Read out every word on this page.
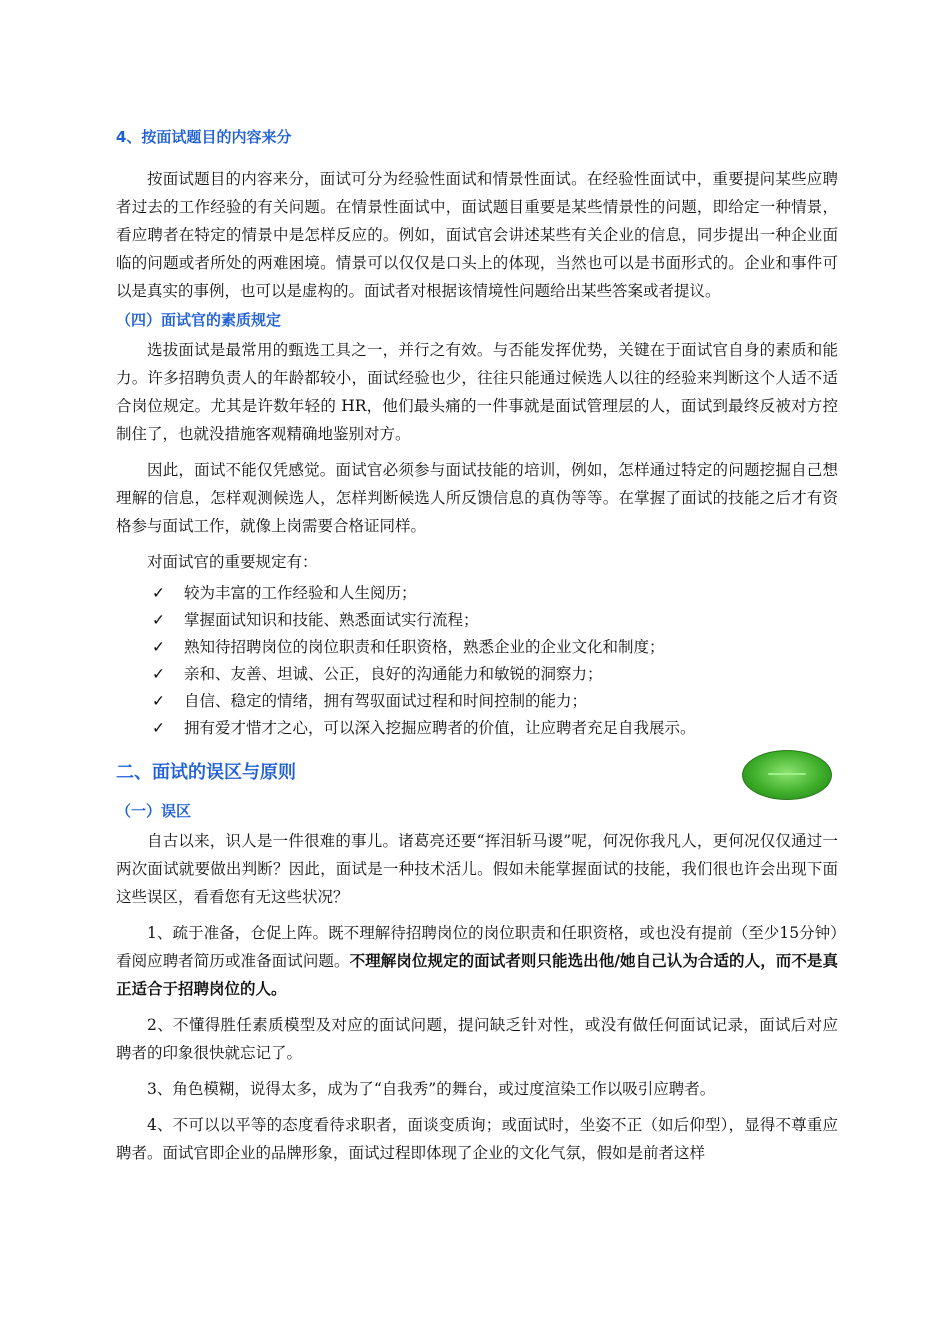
4、按面试题目的内容来分

按面试题目的内容来分，面试可分为经验性面试和情景性面试。在经验性面试中，重要提问某些应聘者过去的工作经验的有关问题。在情景性面试中，面试题目重要是某些情景性的问题，即给定一种情景，看应聘者在特定的情景中是怎样反应的。例如，面试官会讲述某些有关企业的信息，同步提出一种企业面临的问题或者所处的两难困境。情景可以仅仅是口头上的体现，当然也可以是书面形式的。企业和事件可以是真实的事例，也可以是虚构的。面试者对根据该情境性问题给出某些答案或者提议。

（四）面试官的素质规定

选拔面试是最常用的甄选工具之一，并行之有效。与否能发挥优势，关键在于面试官自身的素质和能力。许多招聘负责人的年龄都较小，面试经验也少，往往只能通过候选人以往的经验来判断这个人适不适合岗位规定。尤其是许数年轻的 HR，他们最头痛的一件事就是面试管理层的人，面试到最终反被对方控制住了，也就没措施客观精确地鉴别对方。

因此，面试不能仅凭感觉。面试官必须参与面试技能的培训，例如，怎样通过特定的问题挖掘自己想理解的信息，怎样观测候选人，怎样判断候选人所反馈信息的真伪等等。在掌握了面试的技能之后才有资格参与面试工作，就像上岗需要合格证同样。

对面试官的重要规定有：

✓	较为丰富的工作经验和人生阅历；
✓	掌握面试知识和技能、熟悉面试实行流程；
✓	熟知待招聘岗位的岗位职责和任职资格，熟悉企业的企业文化和制度；
✓	亲和、友善、坦诚、公正，良好的沟通能力和敏锐的洞察力；
✓	自信、稳定的情绪，拥有驾驭面试过程和时间控制的能力；
✓	拥有爱才惜才之心，可以深入挖掘应聘者的价值，让应聘者充足自我展示。
二、面试的误区与原则
（一）误区

自古以来，识人是一件很难的事儿。诸葛亮还要“挥泪斩马谡”呢，何况你我凡人，更何况仅仅通过一两次面试就要做出判断？因此，面试是一种技术活儿。假如未能掌握面试的技能，我们很也许会出现下面这些误区，看看您有无这些状况？

1、疏于准备，仓促上阵。既不理解待招聘岗位的岗位职责和任职资格，或也没有提前（至少15分钟）看阅应聘者简历或准备面试问题。不理解岗位规定的面试者则只能选出他/她自己认为合适的人，而不是真正适合于招聘岗位的人。

2、不懂得胜任素质模型及对应的面试问题，提问缺乏针对性，或没有做任何面试记录，面试后对应聘者的印象很快就忘记了。

3、角色模糊，说得太多，成为了“自我秀”的舞台，或过度渲染工作以吸引应聘者。

4、不可以以平等的态度看待求职者，面谈变质询；或面试时，坐姿不正（如后仰型），显得不尊重应聘者。面试官即企业的品牌形象，面试过程即体现了企业的文化气氛，假如是前者这样
